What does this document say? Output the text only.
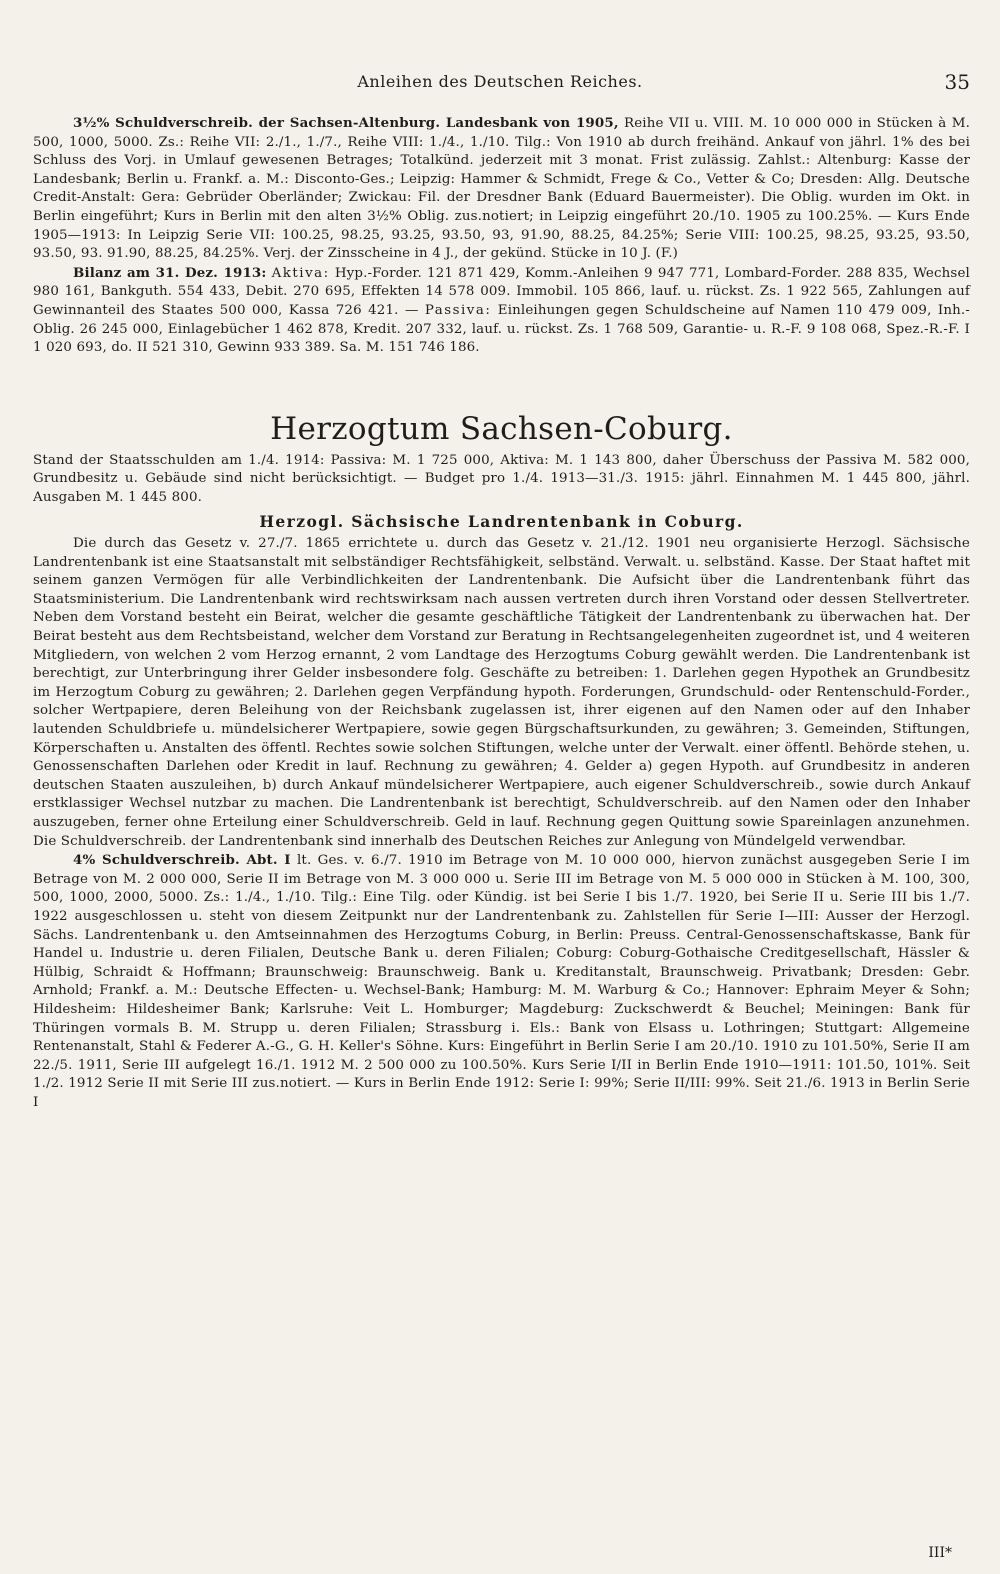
Anleihen des Deutschen Reiches.	35

3½% Schuldverschreib. der Sachsen-Altenburg. Landesbank von 1905, Reihe VII u. VIII. M. 10 000 000 in Stücken à M. 500, 1000, 5000. Zs.: Reihe VII: 2./1., 1./7., Reihe VIII: 1./4., 1./10. Tilg.: Von 1910 ab durch freihänd. Ankauf von jährl. 1% des bei Schluss des Vorj. in Umlauf gewesenen Betrages; Totalkünd. jederzeit mit 3 monat. Frist zulässig. Zahlst.: Altenburg: Kasse der Landesbank; Berlin u. Frankf. a. M.: Disconto-Ges.; Leipzig: Hammer & Schmidt, Frege & Co., Vetter & Co; Dresden: Allg. Deutsche Credit-Anstalt: Gera: Gebrüder Oberländer; Zwickau: Fil. der Dresdner Bank (Eduard Bauermeister). Die Oblig. wurden im Okt. in Berlin eingeführt; Kurs in Berlin mit den alten 3½% Oblig. zus.notiert; in Leipzig eingeführt 20./10. 1905 zu 100.25%. — Kurs Ende 1905—1913: In Leipzig Serie VII: 100.25, 98.25, 93.25, 93.50, 93, 91.90, 88.25, 84.25%; Serie VIII: 100.25, 98.25, 93.25, 93.50, 93.50, 93. 91.90, 88.25, 84.25%. Verj. der Zinsscheine in 4 J., der gekünd. Stücke in 10 J. (F.)

Bilanz am 31. Dez. 1913: Aktiva: Hyp.-Forder. 121 871 429, Komm.-Anleihen 9 947 771, Lombard-Forder. 288 835, Wechsel 980 161, Bankguth. 554 433, Debit. 270 695, Effekten 14 578 009. Immobil. 105 866, lauf. u. rückst. Zs. 1 922 565, Zahlungen auf Gewinnanteil des Staates 500 000, Kassa 726 421. — Passiva: Einleihungen gegen Schuldscheine auf Namen 110 479 009, Inh.-Oblig. 26 245 000, Einlagebücher 1 462 878, Kredit. 207 332, lauf. u. rückst. Zs. 1 768 509, Garantie- u. R.-F. 9 108 068, Spez.-R.-F. I 1 020 693, do. II 521 310, Gewinn 933 389. Sa. M. 151 746 186.

Herzogtum Sachsen-Coburg.

Stand der Staatsschulden am 1./4. 1914: Passiva: M. 1 725 000, Aktiva: M. 1 143 800, daher Überschuss der Passiva M. 582 000, Grundbesitz u. Gebäude sind nicht berücksichtigt. — Budget pro 1./4. 1913—31./3. 1915: jährl. Einnahmen M. 1 445 800, jährl. Ausgaben M. 1 445 800.

Herzogl. Sächsische Landrentenbank in Coburg.

Die durch das Gesetz v. 27./7. 1865 errichtete u. durch das Gesetz v. 21./12. 1901 neu organisierte Herzogl. Sächsische Landrentenbank ist eine Staatsanstalt mit selbständiger Rechtsfähigkeit, selbständ. Verwalt. u. selbständ. Kasse. Der Staat haftet mit seinem ganzen Vermögen für alle Verbindlichkeiten der Landrentenbank. Die Aufsicht über die Landrentenbank führt das Staatsministerium. Die Landrentenbank wird rechtswirksam nach aussen vertreten durch ihren Vorstand oder dessen Stellvertreter. Neben dem Vorstand besteht ein Beirat, welcher die gesamte geschäftliche Tätigkeit der Landrentenbank zu überwachen hat. Der Beirat besteht aus dem Rechtsbeistand, welcher dem Vorstand zur Beratung in Rechtsangelegenheiten zugeordnet ist, und 4 weiteren Mitgliedern, von welchen 2 vom Herzog ernannt, 2 vom Landtage des Herzogtums Coburg gewählt werden. Die Landrentenbank ist berechtigt, zur Unterbringung ihrer Gelder insbesondere folg. Geschäfte zu betreiben: 1. Darlehen gegen Hypothek an Grundbesitz im Herzogtum Coburg zu gewähren; 2. Darlehen gegen Verpfändung hypoth. Forderungen, Grundschuld- oder Rentenschuld-Forder., solcher Wertpapiere, deren Beleihung von der Reichsbank zugelassen ist, ihrer eigenen auf den Namen oder auf den Inhaber lautenden Schuldbriefe u. mündelsicherer Wertpapiere, sowie gegen Bürgschaftsurkunden, zu gewähren; 3. Gemeinden, Stiftungen, Körperschaften u. Anstalten des öffentl. Rechtes sowie solchen Stiftungen, welche unter der Verwalt. einer öffentl. Behörde stehen, u. Genossenschaften Darlehen oder Kredit in lauf. Rechnung zu gewähren; 4. Gelder a) gegen Hypoth. auf Grundbesitz in anderen deutschen Staaten auszuleihen, b) durch Ankauf mündelsicherer Wertpapiere, auch eigener Schuldverschreib., sowie durch Ankauf erstklassiger Wechsel nutzbar zu machen. Die Landrentenbank ist berechtigt, Schuldverschreib. auf den Namen oder den Inhaber auszugeben, ferner ohne Erteilung einer Schuldverschreib. Geld in lauf. Rechnung gegen Quittung sowie Spareinlagen anzunehmen. Die Schuldverschreib. der Landrentenbank sind innerhalb des Deutschen Reiches zur Anlegung von Mündelgeld verwendbar.

4% Schuldverschreib. Abt. I lt. Ges. v. 6./7. 1910 im Betrage von M. 10 000 000, hiervon zunächst ausgegeben Serie I im Betrage von M. 2 000 000, Serie II im Betrage von M. 3 000 000 u. Serie III im Betrage von M. 5 000 000 in Stücken à M. 100, 300, 500, 1000, 2000, 5000. Zs.: 1./4., 1./10. Tilg.: Eine Tilg. oder Kündig. ist bei Serie I bis 1./7. 1920, bei Serie II u. Serie III bis 1./7. 1922 ausgeschlossen u. steht von diesem Zeitpunkt nur der Landrentenbank zu. Zahlstellen für Serie I—III: Ausser der Herzogl. Sächs. Landrentenbank u. den Amtseinnahmen des Herzogtums Coburg, in Berlin: Preuss. Central-Genossenschaftskasse, Bank für Handel u. Industrie u. deren Filialen, Deutsche Bank u. deren Filialen; Coburg: Coburg-Gothaische Creditgesellschaft, Hässler & Hülbig, Schraidt & Hoffmann; Braunschweig: Braunschweig. Bank u. Kreditanstalt, Braunschweig. Privatbank; Dresden: Gebr. Arnhold; Frankf. a. M.: Deutsche Effecten- u. Wechsel-Bank; Hamburg: M. M. Warburg & Co.; Hannover: Ephraim Meyer & Sohn; Hildesheim: Hildesheimer Bank; Karlsruhe: Veit L. Homburger; Magdeburg: Zuckschwerdt & Beuchel; Meiningen: Bank für Thüringen vormals B. M. Strupp u. deren Filialen; Strassburg i. Els.: Bank von Elsass u. Lothringen; Stuttgart: Allgemeine Rentenanstalt, Stahl & Federer A.-G., G. H. Keller's Söhne. Kurs: Eingeführt in Berlin Serie I am 20./10. 1910 zu 101.50%, Serie II am 22./5. 1911, Serie III aufgelegt 16./1. 1912 M. 2 500 000 zu 100.50%. Kurs Serie I/II in Berlin Ende 1910—1911: 101.50, 101%. Seit 1./2. 1912 Serie II mit Serie III zus.notiert. — Kurs in Berlin Ende 1912: Serie I: 99%; Serie II/III: 99%. Seit 21./6. 1913 in Berlin Serie I

III*
